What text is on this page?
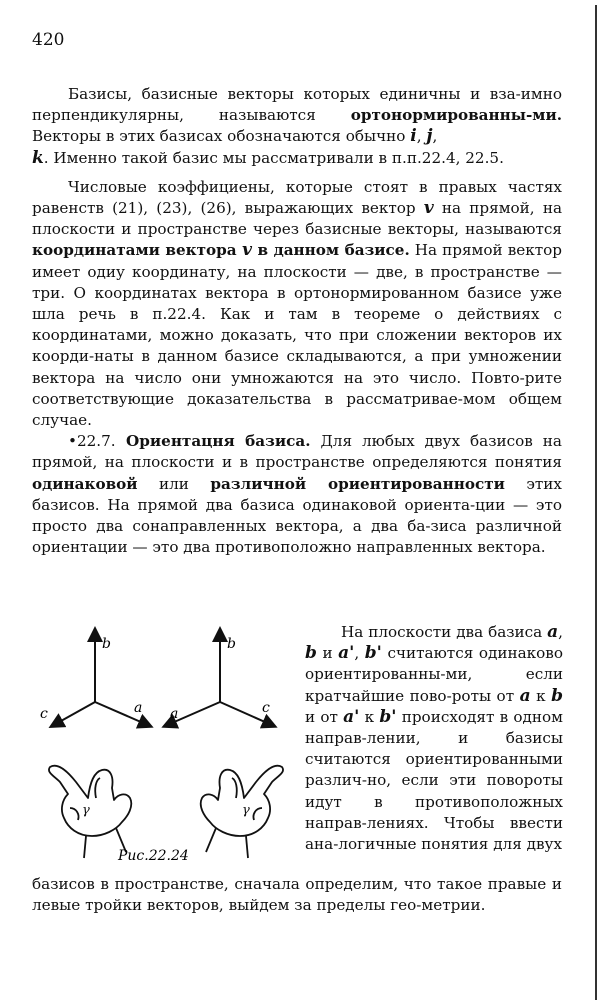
420

Базисы, базисные векторы которых единичны и вза-имно перпендикулярны, называются ортонормированны-ми. Векторы в этих базисах обозначаются обычно i, j,
k. Именно такой базис мы рассматривали в п.п.22.4, 22.5.

Числовые коэффициены, которые стоят в правых частях равенств (21), (23), (26), выражающих вектор v на прямой, на плоскости и пространстве через базисные векторы, называются координатами вектора v в данном базисе. На прямой вектор имеет одиу координату, на плоскости — две, в пространстве — три. О координатах вектора в ортонормированном базисе уже шла речь в п.22.4. Как и там в теореме о действиях с координатами, можно доказать, что при сложении векторов их коорди-наты в данном базисе складываются, а при умножении вектора на число они умножаются на это число. Повто-рите соответствующие доказательства в рассматривае-мом общем случае.

•22.7. Ориентацня базиса. Для любых двух базисов на прямой, на плоскости и в пространстве определяются понятия одинаковой или различной ориентированности этих базисов. На прямой два базиса одинаковой ориента-ции — это просто два сонаправленных вектора, а два ба-зиса различной ориентации — это два противоположно направленных вектора.

b
c	a
b
a	c
γ	γ
Рис.22.24

На плоскости два базиса a, b и a', b' считаются одинаково ориентированны-ми, если кратчайшие пово-роты от a к b и от a' к b' происходят в одном направ-лении, и базисы считаются ориентированными различ-но, если эти повороты идут в противоположных направ-лениях. Чтобы ввести ана-логичные понятия для двух

базисов в пространстве, сначала определим, что такое правые и левые тройки векторов, выйдем за пределы гео-метрии.
